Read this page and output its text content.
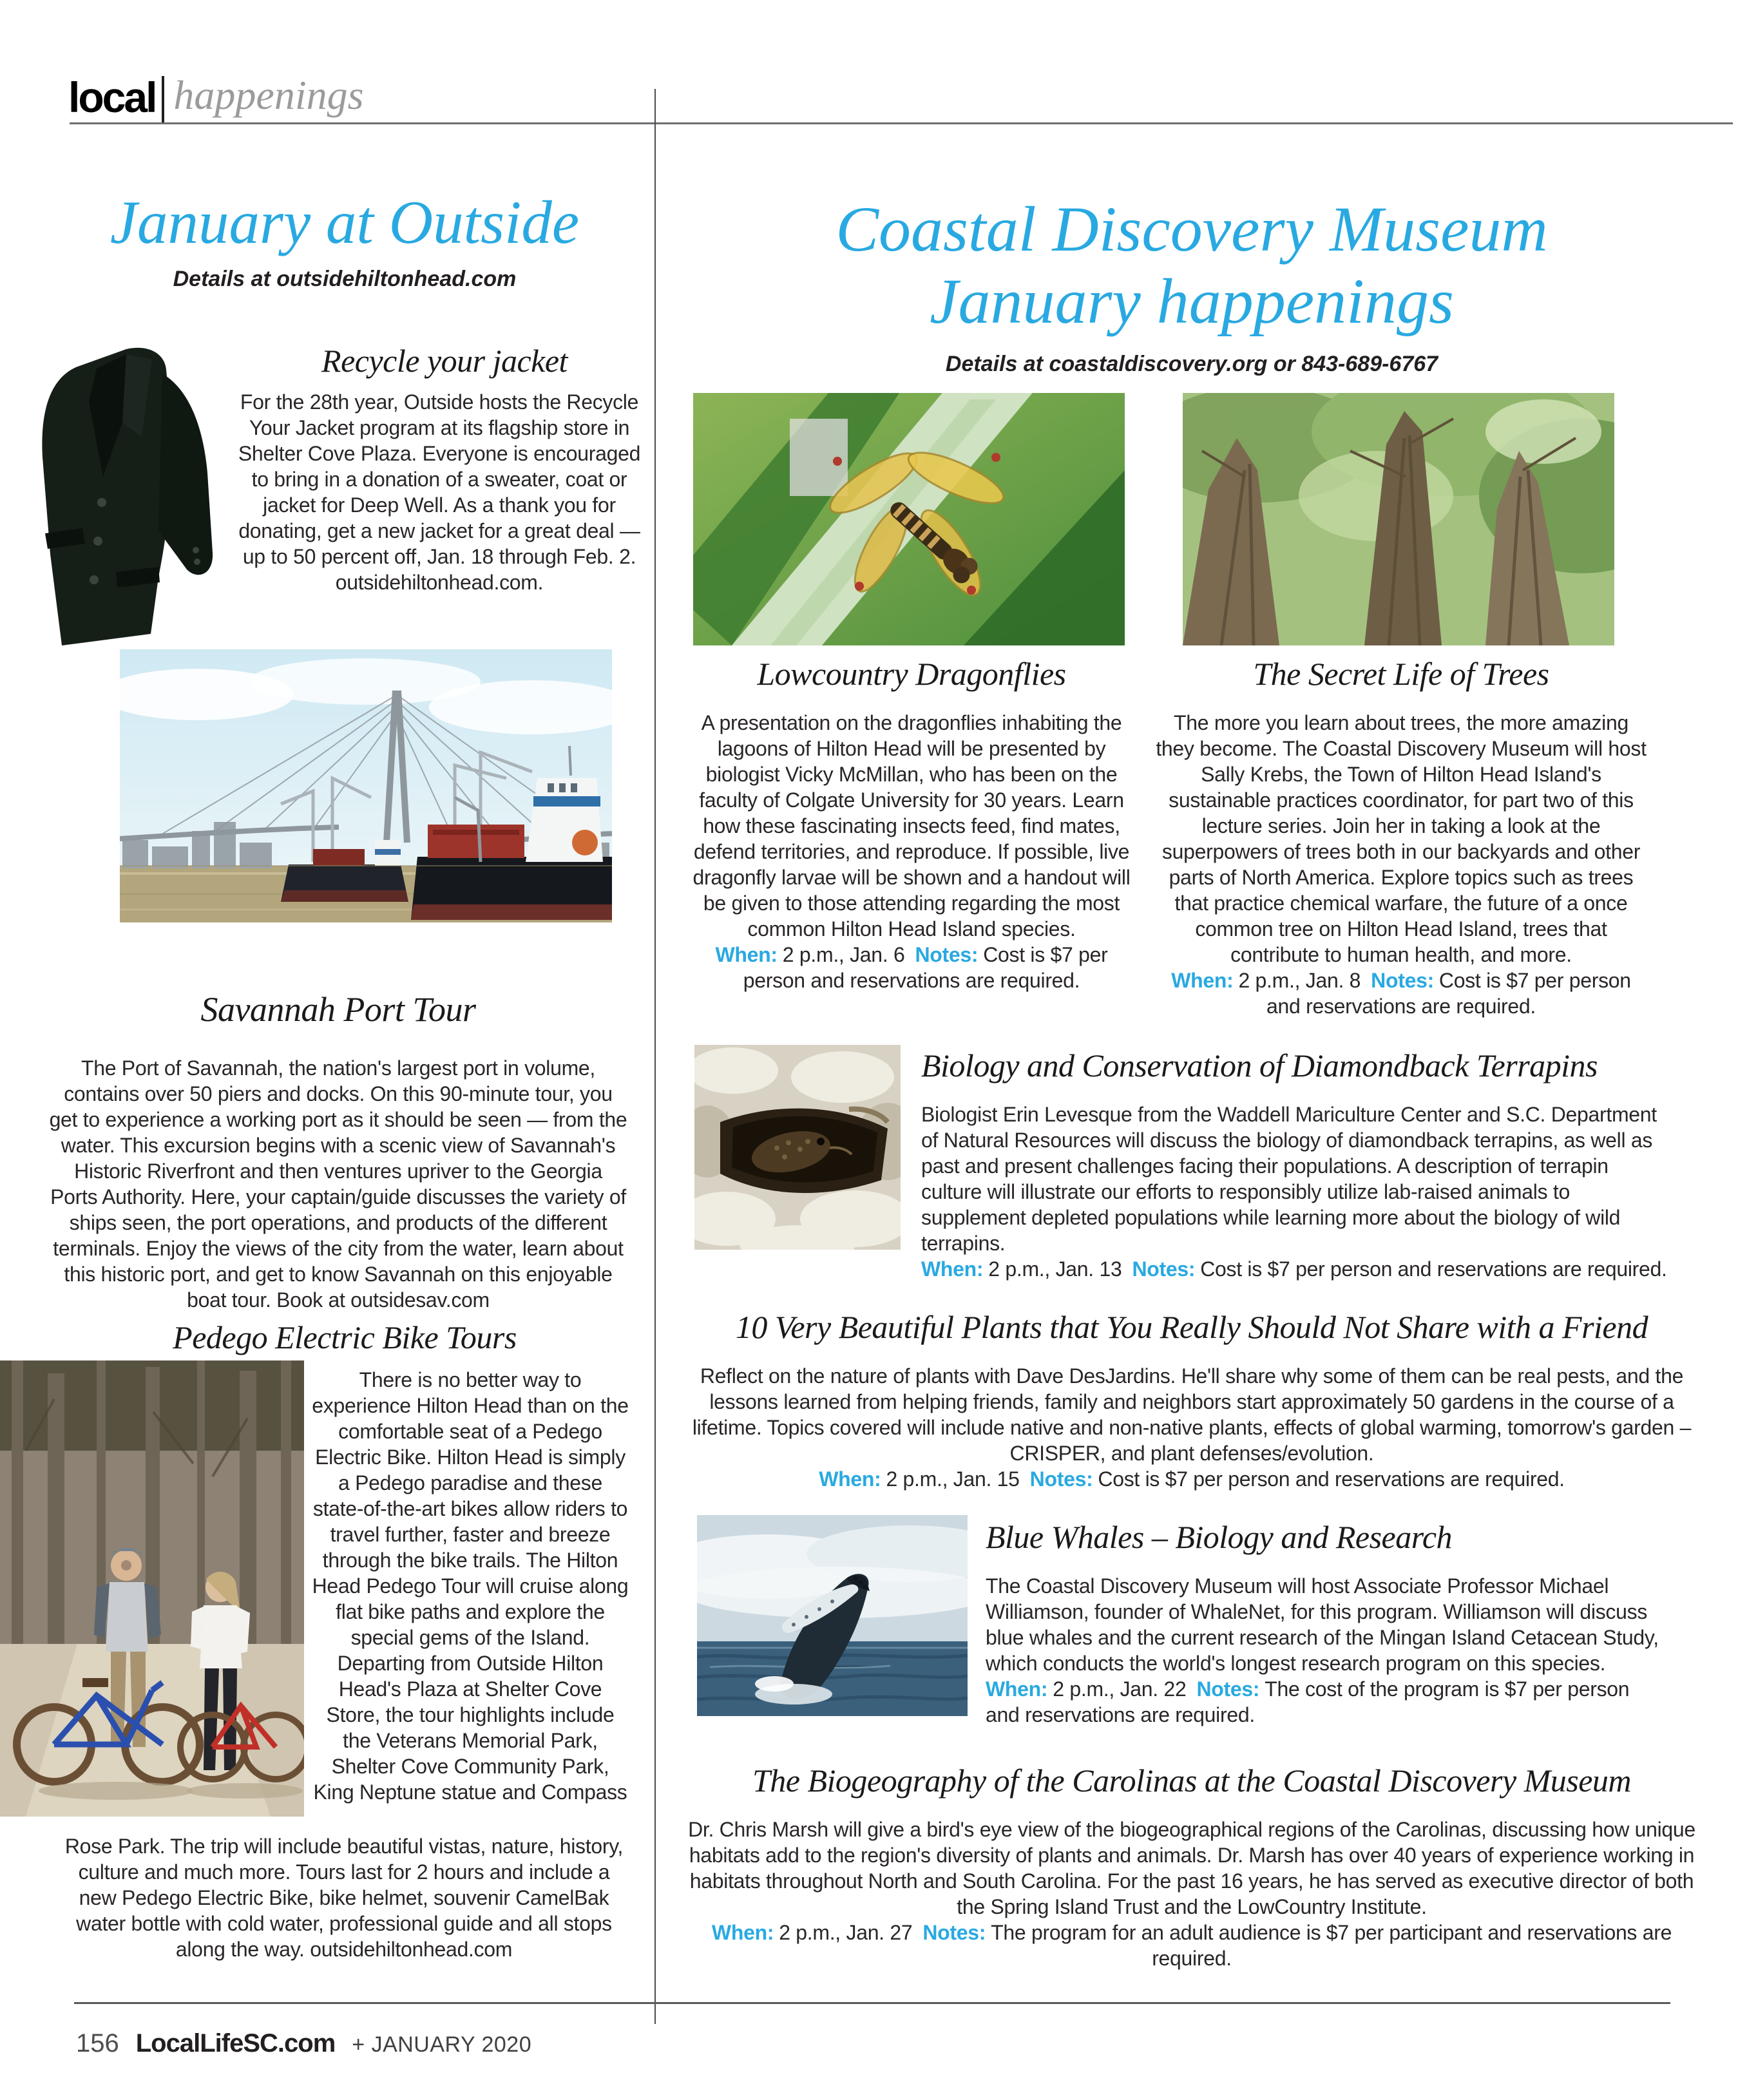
local happenings
January at Outside
Details at outsidehiltonhead.com
Recycle your jacket
For the 28th year, Outside hosts the Recycle Your Jacket program at its flagship store in Shelter Cove Plaza. Everyone is encouraged to bring in a donation of a sweater, coat or jacket for Deep Well. As a thank you for donating, get a new jacket for a great deal — up to 50 percent off, Jan. 18 through Feb. 2. outsidehiltonhead.com.
Savannah Port Tour

The Port of Savannah, the nation's largest port in volume, contains over 50 piers and docks. On this 90-minute tour, you get to experience a working port as it should be seen — from the water. This excursion begins with a scenic view of Savannah's Historic Riverfront and then ventures upriver to the Georgia Ports Authority. Here, your captain/guide discusses the variety of ships seen, the port operations, and products of the different terminals. Enjoy the views of the city from the water, learn about this historic port, and get to know Savannah on this enjoyable boat tour. Book at outsidesav.com

Pedego Electric Bike Tours
There is no better way to experience Hilton Head than on the comfortable seat of a Pedego Electric Bike. Hilton Head is simply a Pedego paradise and these state-of-the-art bikes allow riders to travel further, faster and breeze through the bike trails. The Hilton Head Pedego Tour will cruise along flat bike paths and explore the special gems of the Island. Departing from Outside Hilton Head's Plaza at Shelter Cove Store, the tour highlights include the Veterans Memorial Park, Shelter Cove Community Park, King Neptune statue and Compass
Rose Park. The trip will include beautiful vistas, nature, history, culture and much more. Tours last for 2 hours and include a new Pedego Electric Bike, bike helmet, souvenir CamelBak water bottle with cold water, professional guide and all stops along the way. outsidehiltonhead.com
Coastal Discovery Museum
January happenings
Details at coastaldiscovery.org or 843-689-6767
Lowcountry Dragonflies

A presentation on the dragonflies inhabiting the lagoons of Hilton Head will be presented by biologist Vicky McMillan, who has been on the faculty of Colgate University for 30 years. Learn how these fascinating insects feed, find mates, defend territories, and reproduce. If possible, live dragonfly larvae will be shown and a handout will be given to those attending regarding the most common Hilton Head Island species.

When: 2 p.m., Jan. 6 Notes: Cost is $7 per person and reservations are required.

The Secret Life of Trees

The more you learn about trees, the more amazing they become. The Coastal Discovery Museum will host Sally Krebs, the Town of Hilton Head Island's sustainable practices coordinator, for part two of this lecture series. Join her in taking a look at the superpowers of trees both in our backyards and other parts of North America. Explore topics such as trees that practice chemical warfare, the future of a once common tree on Hilton Head Island, trees that contribute to human health, and more.

When: 2 p.m., Jan. 8 Notes: Cost is $7 per person and reservations are required.

Biology and Conservation of Diamondback Terrapins

Biologist Erin Levesque from the Waddell Mariculture Center and S.C. Department of Natural Resources will discuss the biology of diamondback terrapins, as well as past and present challenges facing their populations. A description of terrapin culture will illustrate our efforts to responsibly utilize lab-raised animals to supplement depleted populations while learning more about the biology of wild terrapins.

When: 2 p.m., Jan. 13 Notes: Cost is $7 per person and reservations are required.

10 Very Beautiful Plants that You Really Should Not Share with a Friend

Reflect on the nature of plants with Dave DesJardins. He'll share why some of them can be real pests, and the lessons learned from helping friends, family and neighbors start approximately 50 gardens in the course of a lifetime. Topics covered will include native and non-native plants, effects of global warming, tomorrow's garden – CRISPER, and plant defenses/evolution.

When: 2 p.m., Jan. 15 Notes: Cost is $7 per person and reservations are required.

Blue Whales – Biology and Research

The Coastal Discovery Museum will host Associate Professor Michael Williamson, founder of WhaleNet, for this program. Williamson will discuss blue whales and the current research of the Mingan Island Cetacean Study, which conducts the world's longest research program on this species.

When: 2 p.m., Jan. 22 Notes: The cost of the program is $7 per person and reservations are required.

The Biogeography of the Carolinas at the Coastal Discovery Museum

Dr. Chris Marsh will give a bird's eye view of the biogeographical regions of the Carolinas, discussing how unique habitats add to the region's diversity of plants and animals. Dr. Marsh has over 40 years of experience working in habitats throughout North and South Carolina. For the past 16 years, he has served as executive director of both the Spring Island Trust and the LowCountry Institute.

When: 2 p.m., Jan. 27 Notes: The program for an adult audience is $7 per participant and reservations are required.

156 LocalLifeSC.com + JANUARY 2020
